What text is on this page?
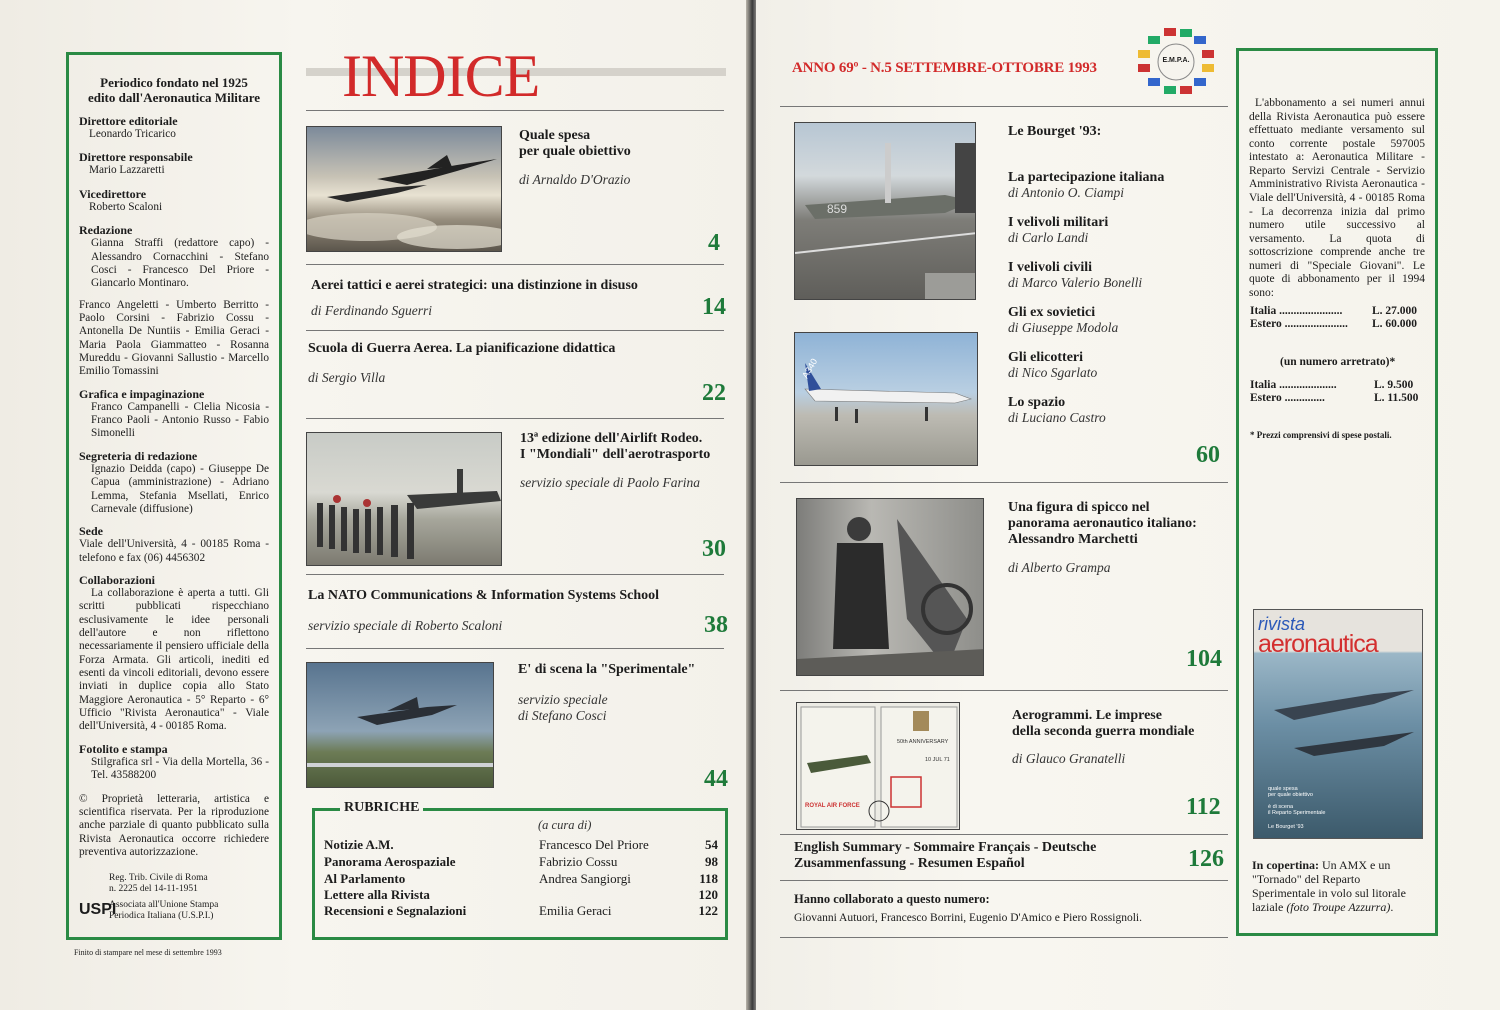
Periodico fondato nel 1925
edito dall'Aeronautica Militare
Direttore editoriale
Leonardo Tricarico
Direttore responsabile
Mario Lazzaretti
Vicedirettore
Roberto Scaloni
Redazione
Gianna Straffi (redattore capo) - Alessandro Cornacchini - Stefano Cosci - Francesco Del Priore - Giancarlo Montinaro.
Franco Angeletti - Umberto Berritto - Paolo Corsini - Fabrizio Cossu - Antonella De Nuntiis - Emilia Geraci - Maria Paola Giammatteo - Rosanna Mureddu - Giovanni Sallustio - Marcello Emilio Tomassini
Grafica e impaginazione
Franco Campanelli - Clelia Nicosia - Franco Paoli - Antonio Russo - Fabio Simonelli
Segreteria di redazione
Ignazio Deidda (capo) - Giuseppe De Capua (amministrazione) - Adriano Lemma, Stefania Msellati, Enrico Carnevale (diffusione)
Sede
Viale dell'Università, 4 - 00185 Roma - telefono e fax (06) 4456302
Collaborazioni
La collaborazione è aperta a tutti. Gli scritti pubblicati rispecchiano esclusivamente le idee personali dell'autore e non riflettono necessariamente il pensiero ufficiale della Forza Armata. Gli articoli, inediti ed esenti da vincoli editoriali, devono essere inviati in duplice copia allo Stato Maggiore Aeronautica - 5° Reparto - 6° Ufficio "Rivista Aeronautica" - Viale dell'Università, 4 - 00185 Roma.
Fotolito e stampa
Stilgrafica srl - Via della Mortella, 36 - Tel. 43588200
© Proprietà letteraria, artistica e scientifica riservata. Per la riproduzione anche parziale di quanto pubblicato sulla Rivista Aeronautica occorre richiedere preventiva autorizzazione.
Reg. Trib. Civile di Roma
n. 2225 del 14-11-1951
USPI
Associata all'Unione Stampa
Periodica Italiana (U.S.P.I.)
Finito di stampare nel mese di settembre 1993
INDICE
Quale spesa
per quale obiettivo
di Arnaldo D'Orazio
4
Aerei tattici e aerei strategici: una distinzione in disuso
di Ferdinando Sguerri	14
Scuola di Guerra Aerea. La pianificazione didattica
di Sergio Villa
22
13ª edizione dell'Airlift Rodeo.
I "Mondiali" dell'aerotrasporto
servizio speciale di Paolo Farina
30
La NATO Communications & Information Systems School
servizio speciale di Roberto Scaloni	38
E' di scena la "Sperimentale"
servizio speciale
di Stefano Cosci
44
RUBRICHE
(a cura di)
Notizie A.M.	Francesco Del Priore	54
Panorama Aerospaziale	Fabrizio Cossu	98
Al Parlamento	Andrea Sangiorgi	118
Lettere alla Rivista	120
Recensioni e Segnalazioni	Emilia Geraci	122
ANNO 69º - N.5 SETTEMBRE-OTTOBRE 1993	E.M.P.A.
859
Le Bourget '93:
La partecipazione italiana
di Antonio O. Ciampi
I velivoli militari
di Carlo Landi
I velivoli civili
di Marco Valerio Bonelli
Gli ex sovietici
di Giuseppe Modola
Gli elicotteri
di Nico Sgarlato
Lo spazio
di Luciano Castro
A340
60
Una figura di spicco nel
panorama aeronautico italiano:
Alessandro Marchetti
di Alberto Grampa
104
ROYAL AIR FORCE
10 JUL 71
50th ANNIVERSARY
Aerogrammi. Le imprese
della seconda guerra mondiale
di Glauco Granatelli
112
English Summary - Sommaire Français - Deutsche
Zusammenfassung - Resumen Español	126
Hanno collaborato a questo numero:
Giovanni Autuori, Francesco Borrini, Eugenio D'Amico e Piero Rossignoli.
L'abbonamento a sei numeri annui della Rivista Aeronautica può essere effettuato mediante versamento sul conto corrente postale 597005 intestato a: Aeronautica Militare - Reparto Servizi Centrale - Servizio Amministrativo Rivista Aeronautica - Viale dell'Università, 4 - 00185 Roma - La decorrenza inizia dal primo numero utile successivo al versamento. La quota di sottoscrizione comprende anche tre numeri di "Speciale Giovani". Le quote di abbonamento per il 1994 sono:
Italia ......................	L. 27.000
Estero ...................... L. 60.000
(un numero arretrato)*
Italia ....................	L. 9.500
Estero ..............	L. 11.500
* Prezzi comprensivi di spese postali.
rivista
aeronautica
quale spesa
per quale obiettivo
è di scena
il Reparto Sperimentale
Le Bourget '93
In copertina: Un AMX e un "Tornado" del Reparto Sperimentale in volo sul litorale laziale (foto Troupe Azzurra).
